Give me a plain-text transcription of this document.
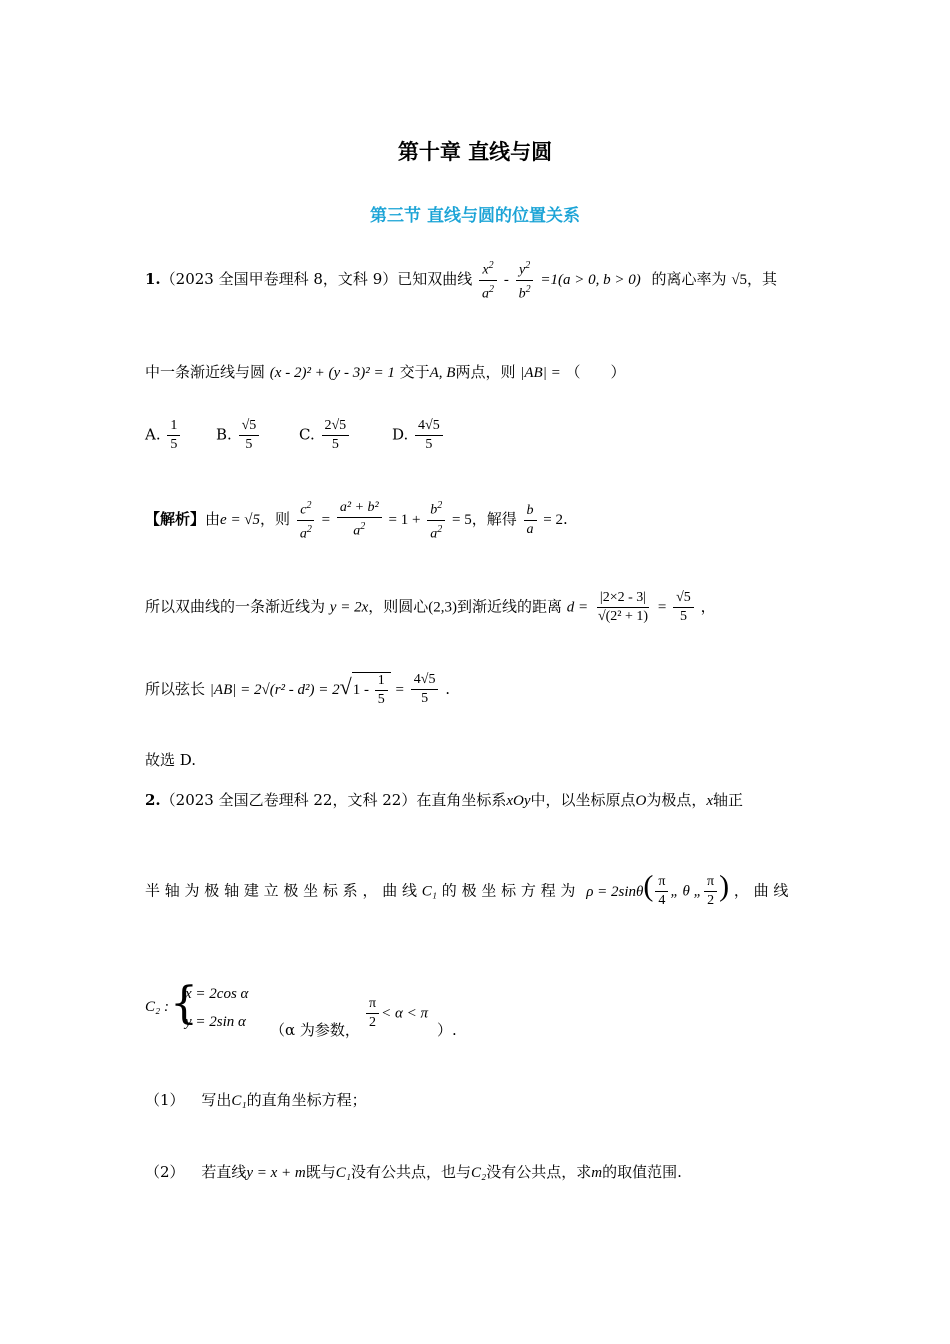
第十章 直线与圆
第三节 直线与圆的位置关系
1.（2023 全国甲卷理科 8，文科 9）已知双曲线 $\frac{x^2}{a^2} - \frac{y^2}{b^2} =1(a > 0$, b > 0) 的离心率为 √5，其
中一条渐近线与圆 (x - 2)² + (y - 3)² = 1 交于A, B两点，则 |AB| = （　　）
A. $\frac{1}{5} B$. $\frac{√5}{5}$	C. $\frac{2√5}{5}$	D. $\frac{4√5}{5}$
【解析】由e = √5，则 $\frac{c^2}{a^2} = \frac{\text{a² + b²}}{a^2} = 1 + \frac{b^2}{a^2} = 5$，解得 $\frac{b}{a} = 2$.
所以双曲线的一条渐近线为 y = 2x，则圆心(2,3)到渐近线的距离 $d = \frac{|2\times 2 - 3|}{\text{√(2² + 1)}} = \frac{√5}{5}$ ，
所以弦长 $|AB| = 2√(r^2 - d^2) = 2√1 - \frac{1}{5} = \frac{4√5}{5}$ .
故选 D.
2.（2023 全国乙卷理科 22，文科 22）在直角坐标系xOy中，以坐标原点O为极点，x轴正
半 轴 为 极 轴 建 立 极 坐 标 系 ， 曲 线 C₁ 的 极 坐 标 方 程 为 $\rho = 2\sin\theta( \frac{\pi}{4}$ „ θ „ $\frac{\pi}{2}$ ) ， 曲 线
C₂ : {
x = 2cos α
y = 2sin α （α 为参数， $\frac{\pi}{2} < \alpha < \pi$
）.
（1） 写出C₁的直角坐标方程；
（2） 若直线y = x + m既与C₁没有公共点，也与C₂没有公共点，求m的取值范围.
